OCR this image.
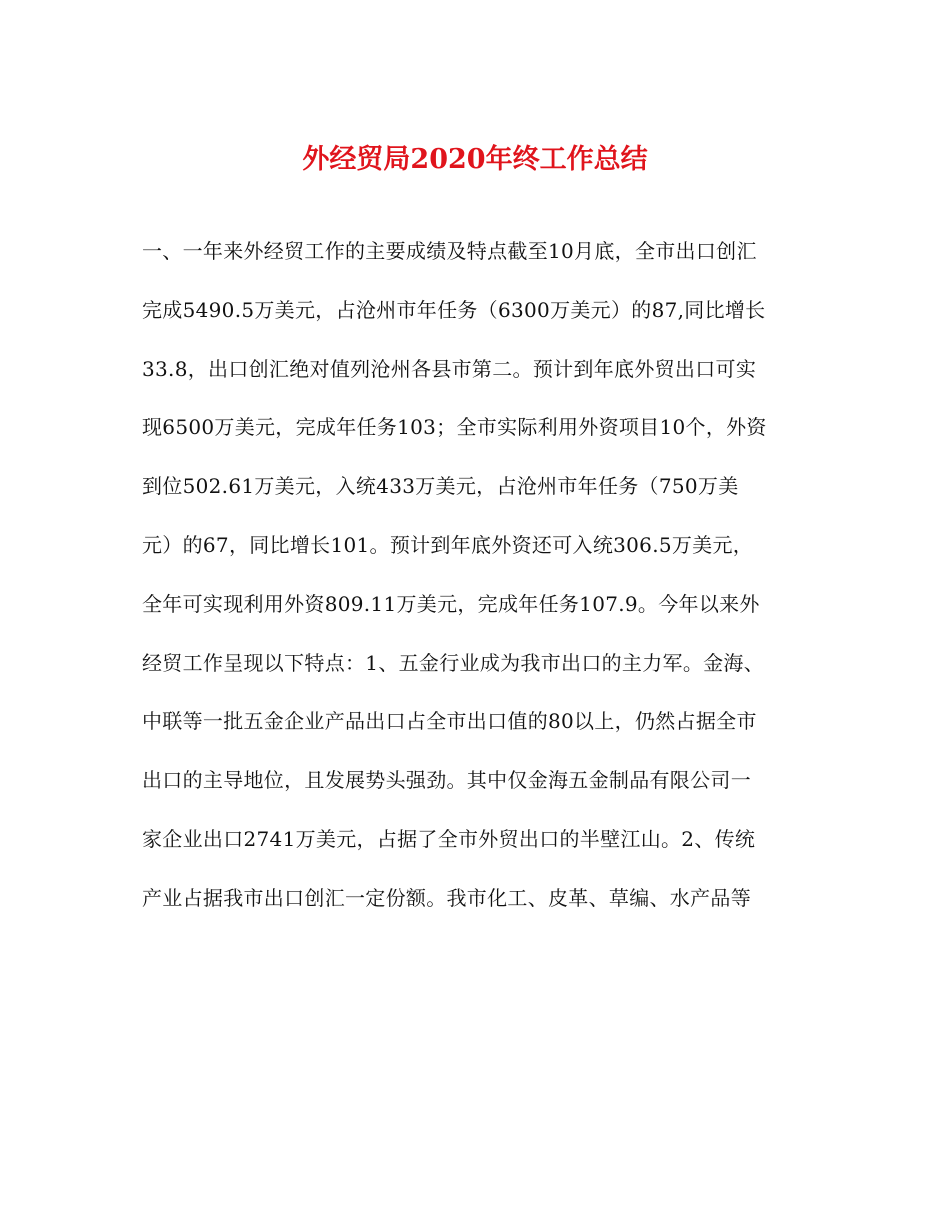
外经贸局2020年终工作总结
一、一年来外经贸工作的主要成绩及特点截至10月底，全市出口创汇
完成5490.5万美元，占沧州市年任务（6300万美元）的87,同比增长
33.8，出口创汇绝对值列沧州各县市第二。预计到年底外贸出口可实
现6500万美元，完成年任务103；全市实际利用外资项目10个，外资
到位502.61万美元，入统433万美元，占沧州市年任务（750万美
元）的67，同比增长101。预计到年底外资还可入统306.5万美元，
全年可实现利用外资809.11万美元，完成年任务107.9。今年以来外
经贸工作呈现以下特点：1、五金行业成为我市出口的主力军。金海、
中联等一批五金企业产品出口占全市出口值的80以上，仍然占据全市
出口的主导地位，且发展势头强劲。其中仅金海五金制品有限公司一
家企业出口2741万美元，占据了全市外贸出口的半壁江山。2、传统
产业占据我市出口创汇一定份额。我市化工、皮革、草编、水产品等
